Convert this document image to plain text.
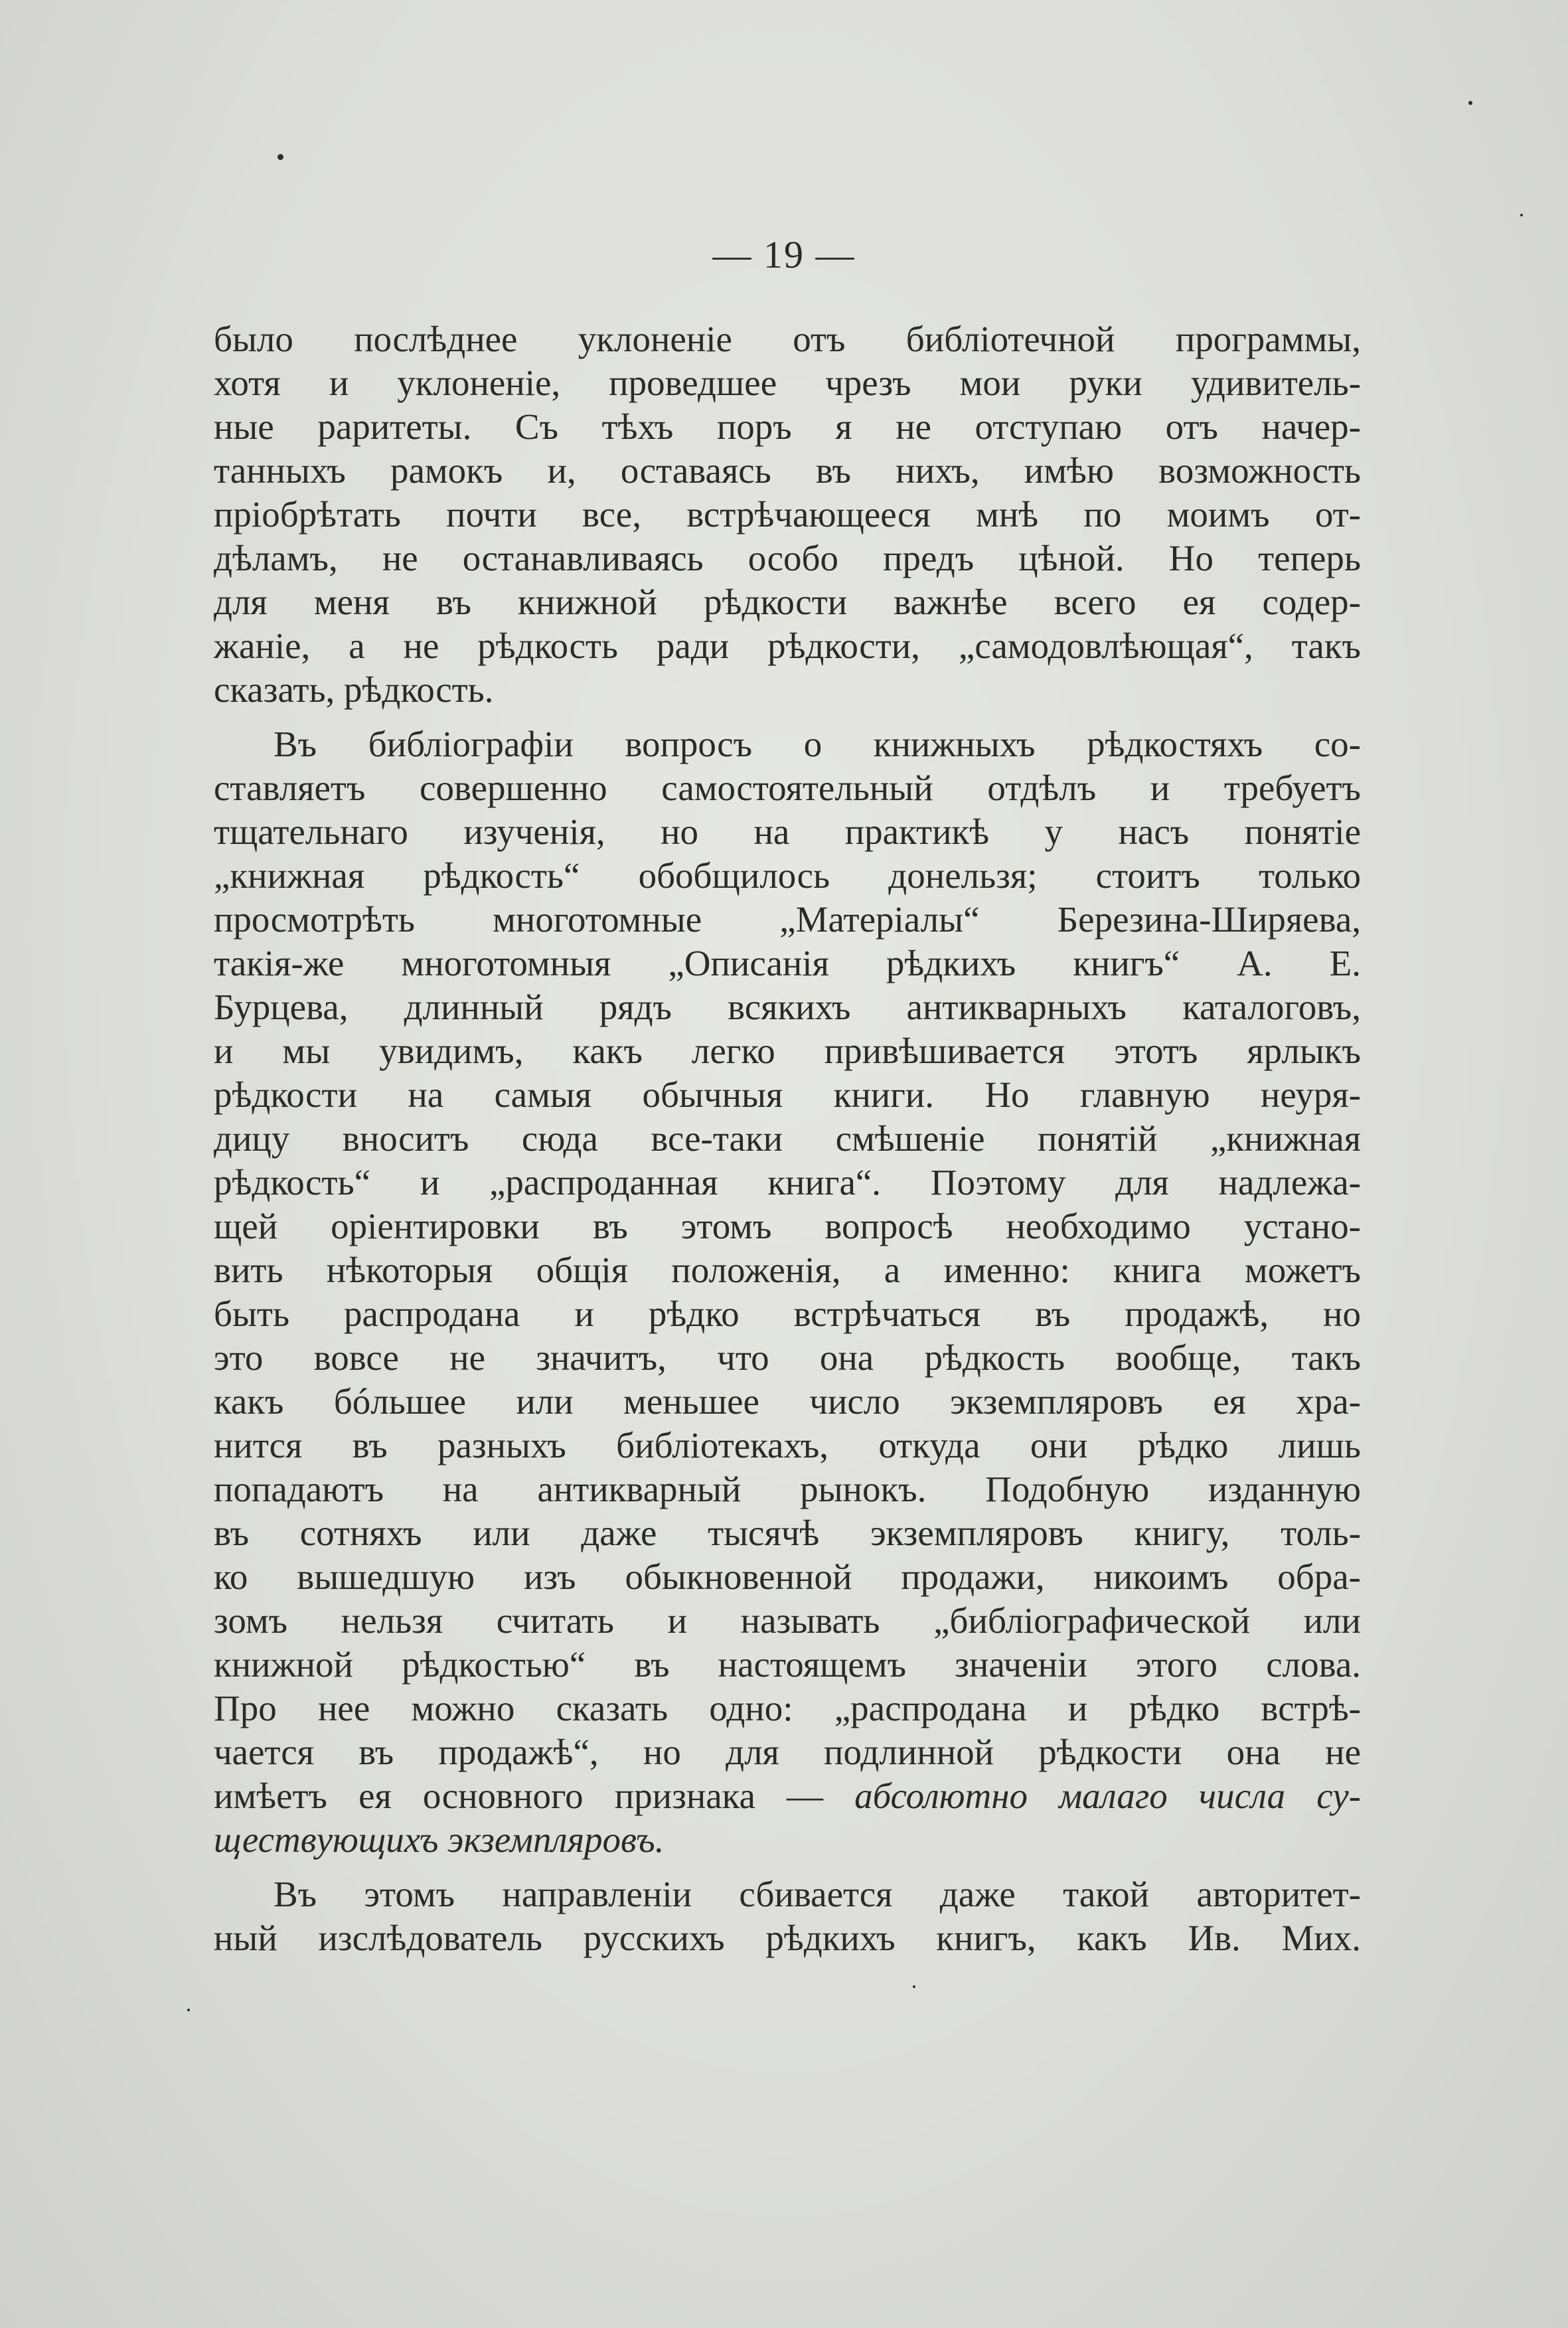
— 19 —
было послѣднее уклоненіе отъ библіотечной программы,
хотя и уклоненіе, проведшее чрезъ мои руки удивитель-
ные раритеты. Съ тѣхъ поръ я не отступаю отъ начер-
танныхъ рамокъ и, оставаясь въ нихъ, имѣю возможность
пріобрѣтать почти все, встрѣчающееся мнѣ по моимъ от-
дѣламъ, не останавливаясь особо предъ цѣной. Но теперь
для меня въ книжной рѣдкости важнѣе всего ея содер-
жаніе, а не рѣдкость ради рѣдкости, „самодовлѣющая“, такъ
сказать, рѣдкость.
Въ библіографіи вопросъ о книжныхъ рѣдкостяхъ со-
ставляетъ совершенно самостоятельный отдѣлъ и требуетъ
тщательнаго изученія, но на практикѣ у насъ понятіе
„книжная рѣдкость“ обобщилось донельзя; стоитъ только
просмотрѣть многотомные „Матеріалы“ Березина-Ширяева,
такія-же многотомныя „Описанія рѣдкихъ книгъ“ А. Е.
Бурцева, длинный рядъ всякихъ антикварныхъ каталоговъ,
и мы увидимъ, какъ легко привѣшивается этотъ ярлыкъ
рѣдкости на самыя обычныя книги. Но главную неуря-
дицу вноситъ сюда все-таки смѣшеніе понятій „книжная
рѣдкость“ и „распроданная книга“. Поэтому для надлежа-
щей оріентировки въ этомъ вопросѣ необходимо устано-
вить нѣкоторыя общія положенія, а именно: книга можетъ
быть распродана и рѣдко встрѣчаться въ продажѣ, но
это вовсе не значитъ, что она рѣдкость вообще, такъ
какъ бóльшее или меньшее число экземпляровъ ея хра-
нится въ разныхъ библіотекахъ, откуда они рѣдко лишь
попадаютъ на антикварный рынокъ. Подобную изданную
въ сотняхъ или даже тысячѣ экземпляровъ книгу, толь-
ко вышедшую изъ обыкновенной продажи, никоимъ обра-
зомъ нельзя считать и называть „библіографической или
книжной рѣдкостью“ въ настоящемъ значеніи этого слова.
Про нее можно сказать одно: „распродана и рѣдко встрѣ-
чается въ продажѣ“, но для подлинной рѣдкости она не
имѣетъ ея основного признака — абсолютно малаго числа су-
ществующихъ экземпляровъ.
Въ этомъ направленіи сбивается даже такой авторитет-
ный изслѣдователь русскихъ рѣдкихъ книгъ, какъ Ив. Мих.
